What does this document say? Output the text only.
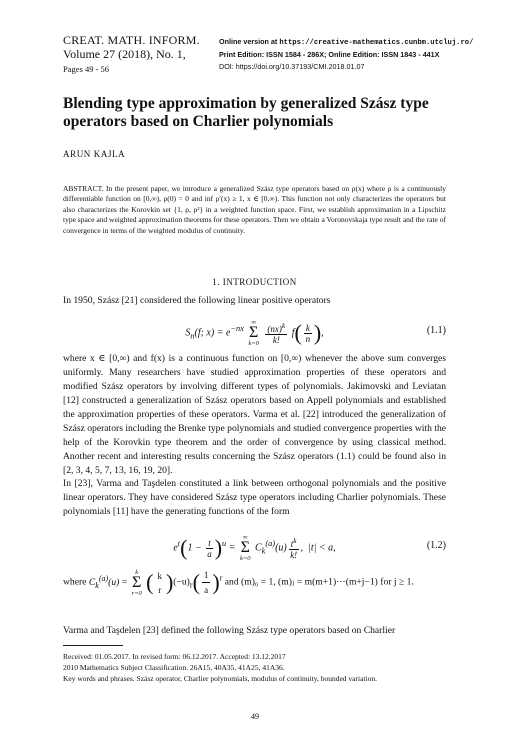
CREAT. MATH. INFORM.
Volume 27 (2018), No. 1,
Pages 49 - 56
Online version at https://creative-mathematics.cunbm.utcluj.ro/
Print Edition: ISSN 1584 - 286X; Online Edition: ISSN 1843 - 441X
DOI: https://doi.org/10.37193/CMI.2018.01.07
Blending type approximation by generalized Szász type operators based on Charlier polynomials
ARUN KAJLA
ABSTRACT. In the present paper, we introduce a generalized Szász type operators based on ρ(x) where ρ is a continuously differentiable function on [0,∞), ρ(0) = 0 and inf ρ′(x) ≥ 1, x ∈ [0,∞). This function not only characterizes the operators but also characterizes the Korovkin set {1, ρ, ρ²} in a weighted function space. First, we establish approximation in a Lipschitz type space and weighted approximation theorems for these operators. Then we obtain a Voronovskaja type result and the rate of convergence in terms of the weighted modulus of continuity.
1. INTRODUCTION
In 1950, Szász [21] considered the following linear positive operators
$S_n(f$; $x) = e^{-nx}$
∞
Σ
k=0
$\frac{(nx)^k}{k!} f( \frac{k}{n}$ ),	(1.1)
where x ∈ [0,∞) and f(x) is a continuous function on [0,∞) whenever the above sum converges uniformly. Many researchers have studied approximation properties of these operators and modified Szász operators by involving different types of polynomials. Jakimovski and Leviatan [12] constructed a generalization of Szász operators based on Appell polynomials and established the approximation properties of these operators. Varma et al. [22] introduced the generalization of Szász operators including the Brenke type polynomials and studied convergence properties with the help of the Korovkin type theorem and the order of convergence by using classical method. Another recent and interesting results concerning the Szász operators (1.1) could be found also in [2, 3, 4, 5, 7, 13, 16, 19, 20].
In [23], Varma and Taşdelen constituted a link between orthogonal polynomials and the positive linear operators. They have considered Szász type operators including Charlier polynomials. These polynomials [11] have the generating functions of the form
$e^t(1 - \frac{t}{a} )^u$ =
∞
Σ
k=0
$C_k^{(a)}(u) \frac{t^k}{k!}$ ,  |t| < a,	(1.2)
where $C_k^{(a)}(u)$ =
k
Σ
r=0 ( k
r )$(-u)_r( \frac{1}{a} )^r$ and (m)₀ = 1, (m)ⱼ = m(m+1)···(m+j−1) for j ≥ 1.
Varma and Taşdelen [23] defined the following Szász type operators based on Charlier
Received: 01.05.2017. In revised form: 06.12.2017. Accepted: 13.12.2017
2010 Mathematics Subject Classification. 26A15, 40A35, 41A25, 41A36.
Key words and phrases. Szász operator, Charlier polynomials, modulus of continuity, bounded variation.
49
